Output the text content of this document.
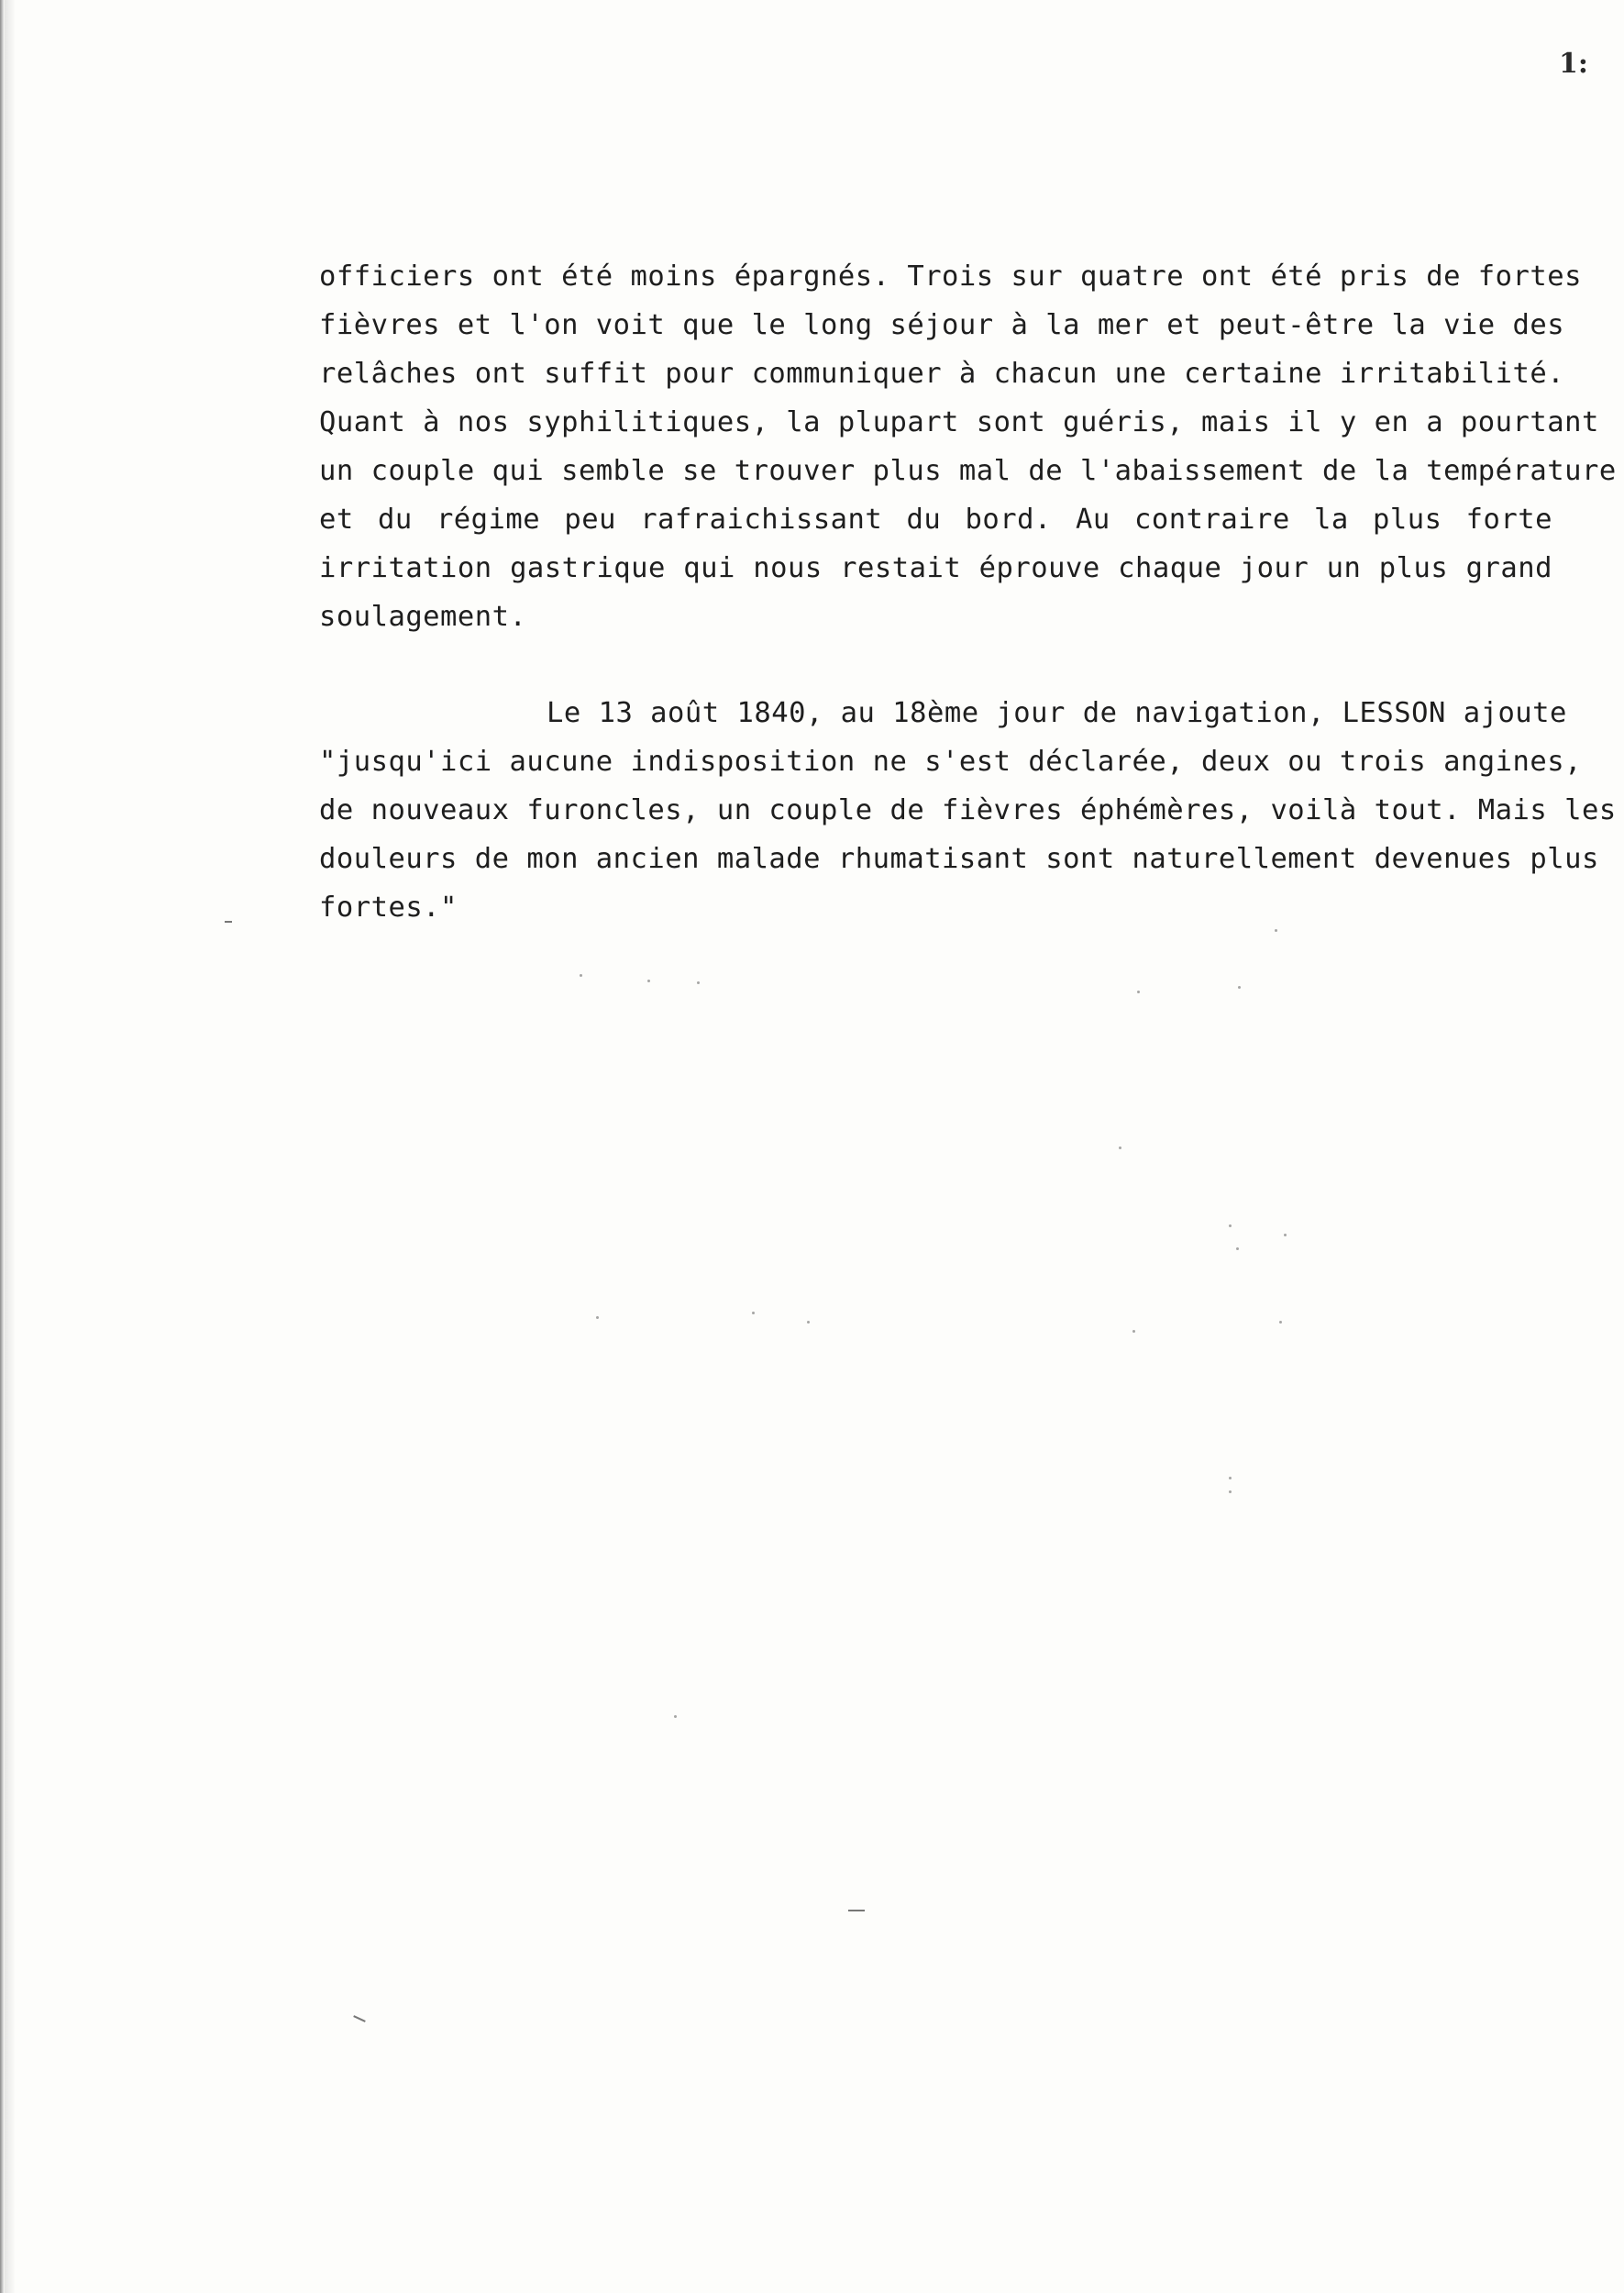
1:
officiers ont été moins épargnés. Trois sur quatre ont été pris de fortes
fièvres et l'on voit que le long séjour à la mer et peut-être la vie des
relâches ont suffit pour communiquer à chacun une certaine irritabilité.
Quant à nos syphilitiques, la plupart sont guéris, mais il y en a pourtant
un couple qui semble se trouver plus mal de l'abaissement de la température
et du régime peu rafraichissant du bord. Au contraire la plus forte
irritation gastrique qui nous restait éprouve chaque jour un plus grand
soulagement.
Le 13 août 1840, au 18ème jour de navigation, LESSON ajoute
"jusqu'ici aucune indisposition ne s'est déclarée, deux ou trois angines,
de nouveaux furoncles, un couple de fièvres éphémères, voilà tout. Mais les
douleurs de mon ancien malade rhumatisant sont naturellement devenues plus
fortes."
